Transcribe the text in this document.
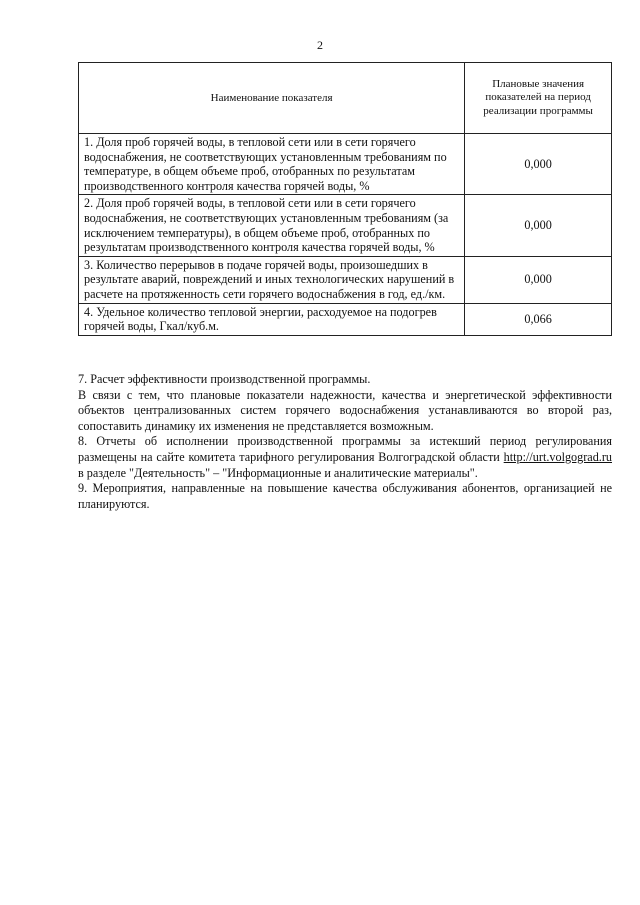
2
Наименование показателя	Плановые значения показателей на период реализации программы
1. Доля проб горячей воды, в тепловой сети или в сети горячего водоснабжения, не соответствующих установленным требованиям по температуре, в общем объеме проб, отобранных по результатам производственного контроля качества горячей воды, %	0,000
2. Доля проб горячей воды, в тепловой сети или в сети горячего водоснабжения, не соответствующих установленным требованиям (за исключением температуры), в общем объеме проб, отобранных по результатам производственного контроля качества горячей воды, %	0,000
3. Количество перерывов в подаче горячей воды, произошедших в результате аварий, повреждений и иных технологических нарушений в расчете на протяженность сети горячего водоснабжения в год, ед./км.	0,000
4. Удельное количество тепловой энергии, расходуемое на подогрев горячей воды, Гкал/куб.м.	0,066

7. Расчет эффективности производственной программы.

В связи с тем, что плановые показатели надежности, качества и энергетической эффективности объектов централизованных систем горячего водоснабжения устанавливаются во второй раз, сопоставить динамику их изменения не представляется возможным.

8. Отчеты об исполнении производственной программы за истекший период регулирования размещены на сайте комитета тарифного регулирования Волгоградской области http://urt.volgograd.ru в разделе "Деятельность" – "Информационные и аналитические материалы".

9. Мероприятия, направленные на повышение качества обслуживания абонентов, организацией не планируются.
